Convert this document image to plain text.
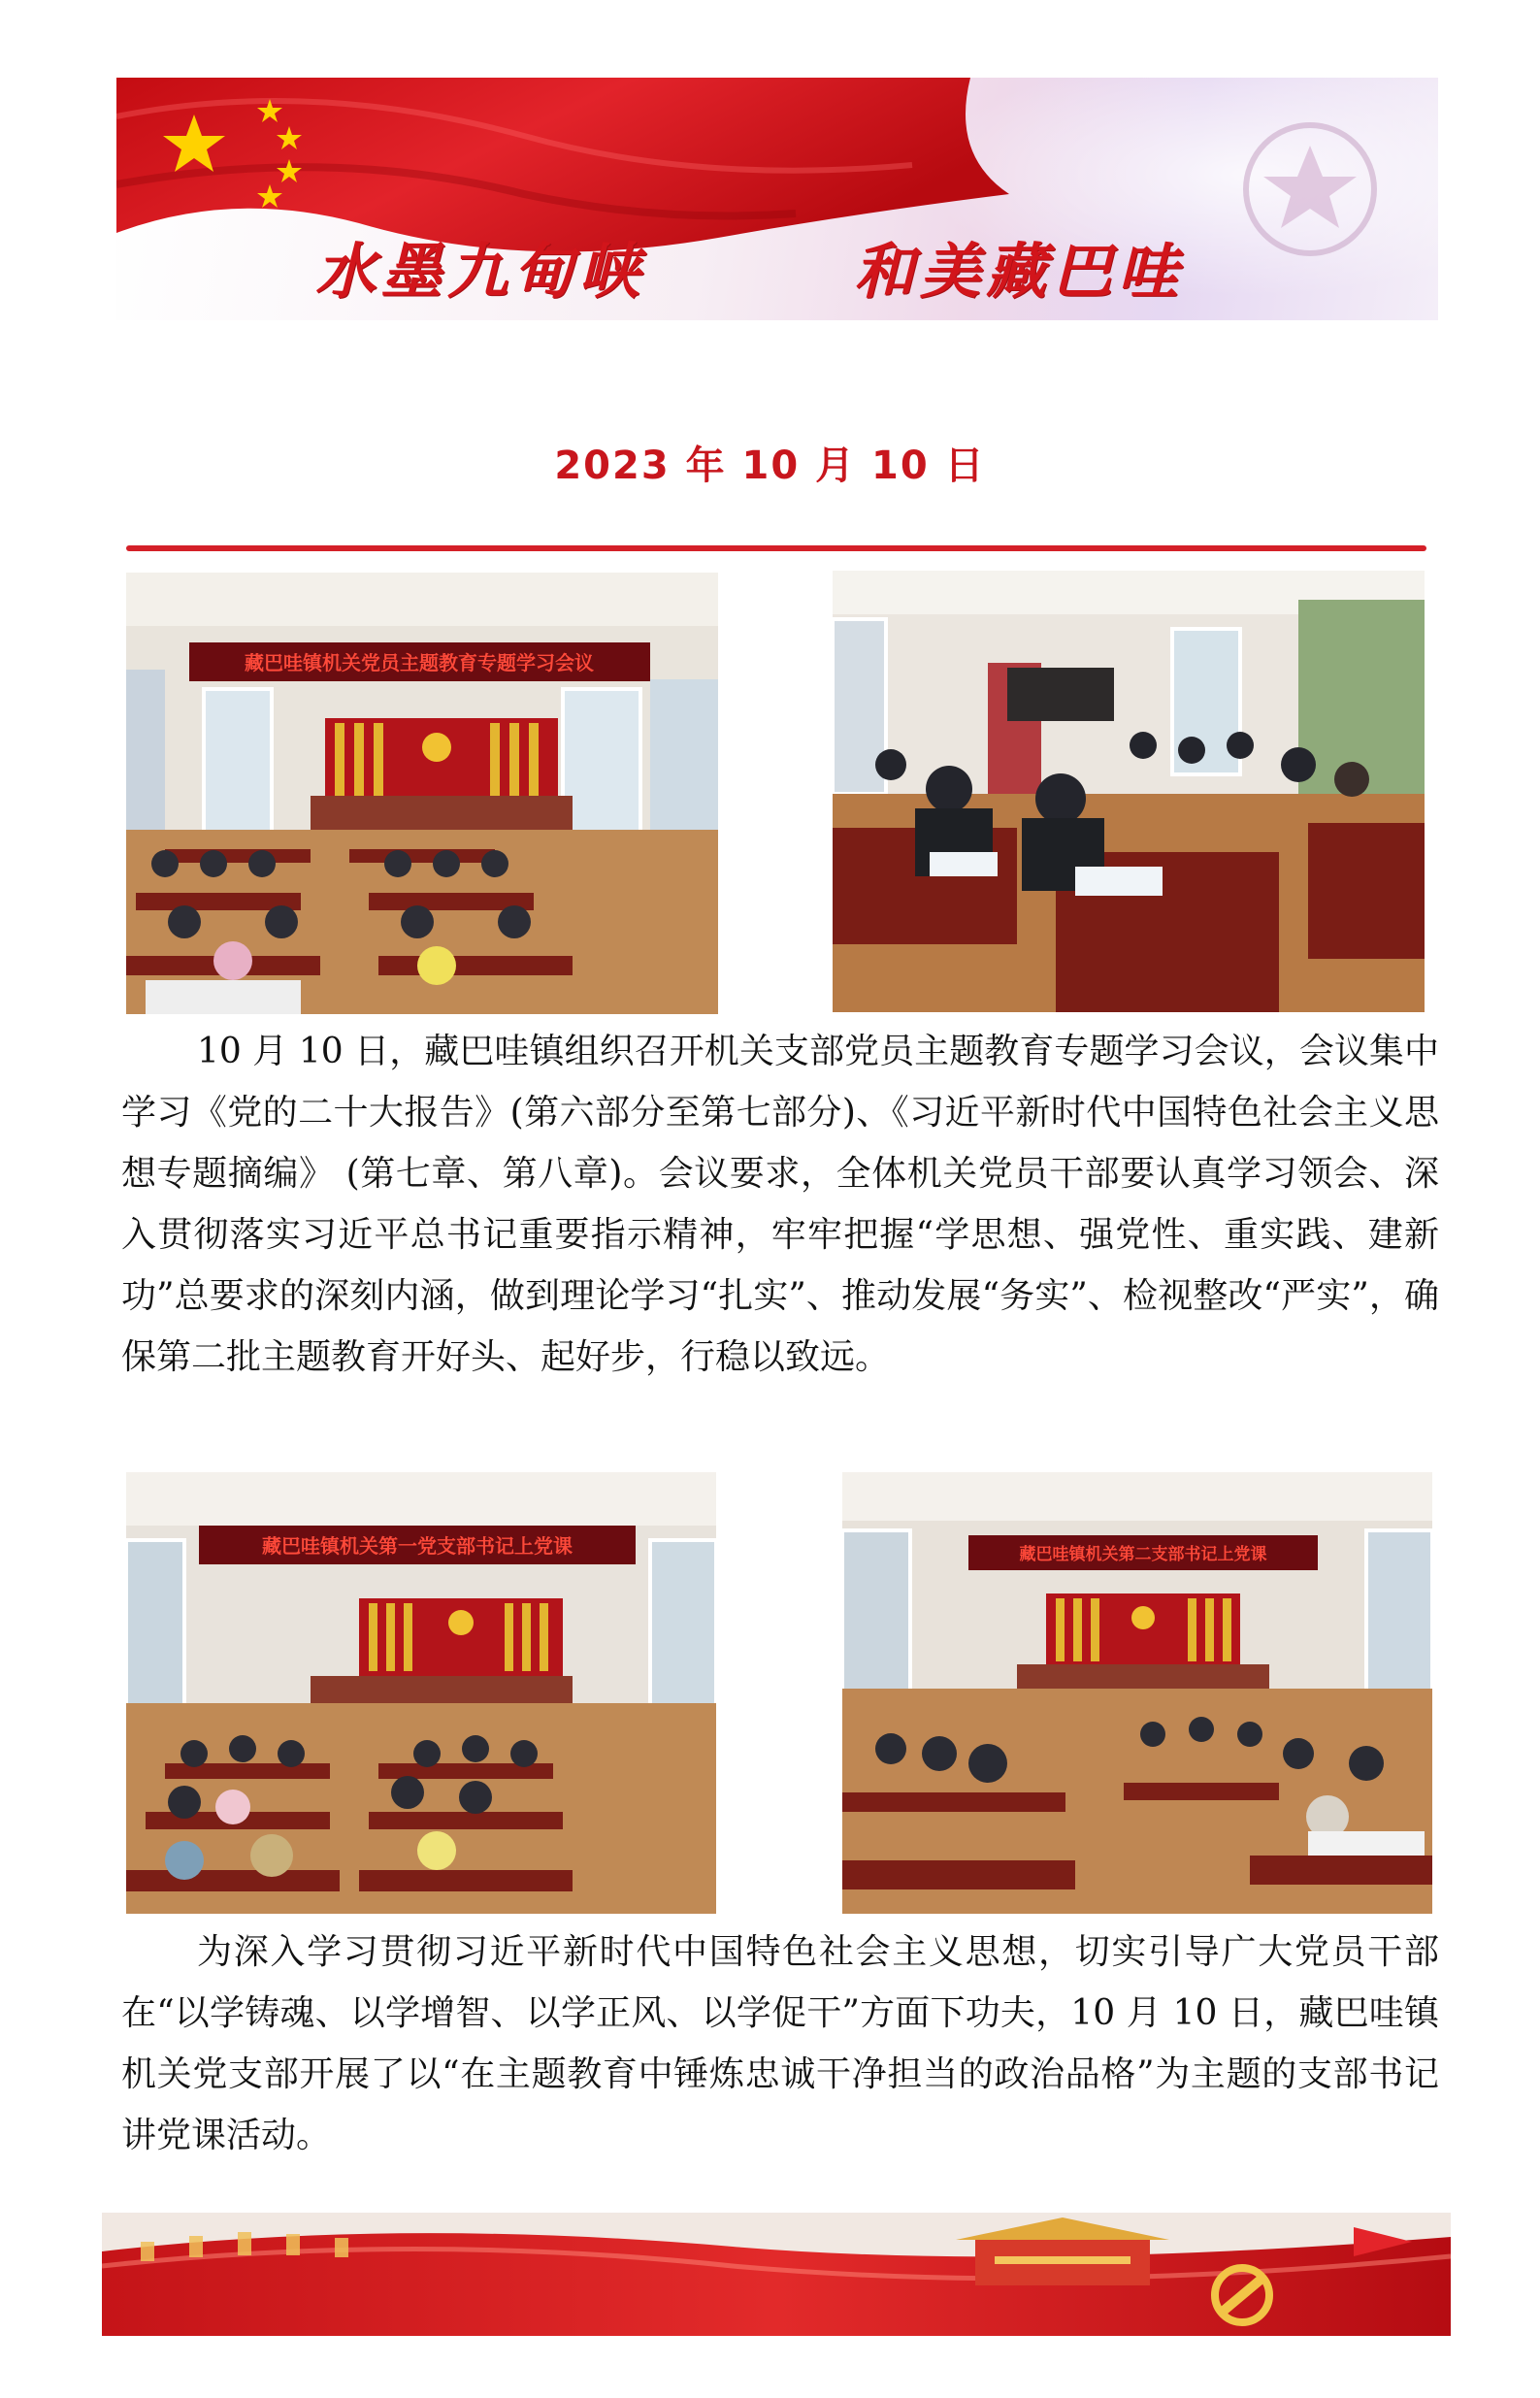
水墨九甸峡	和美藏巴哇
2023 年 10 月 10 日
藏巴哇镇机关党员主题教育专题学习会议
10 月 10 日，藏巴哇镇组织召开机关支部党员主题教育专题学习会议，会议集中学习《党的二十大报告》(第六部分至第七部分)、《习近平新时代中国特色社会主义思想专题摘编》 (第七章、第八章)。会议要求，全体机关党员干部要认真学习领会、深入贯彻落实习近平总书记重要指示精神，牢牢把握“学思想、强党性、重实践、建新功”总要求的深刻内涵，做到理论学习“扎实”、推动发展“务实”、检视整改“严实”，确保第二批主题教育开好头、起好步，行稳以致远。
藏巴哇镇机关第一党支部书记上党课	藏巴哇镇机关第二支部书记上党课
为深入学习贯彻习近平新时代中国特色社会主义思想，切实引导广大党员干部在“以学铸魂、以学增智、以学正风、以学促干”方面下功夫，10 月 10 日，藏巴哇镇机关党支部开展了以“在主题教育中锤炼忠诚干净担当的政治品格”为主题的支部书记讲党课活动。
